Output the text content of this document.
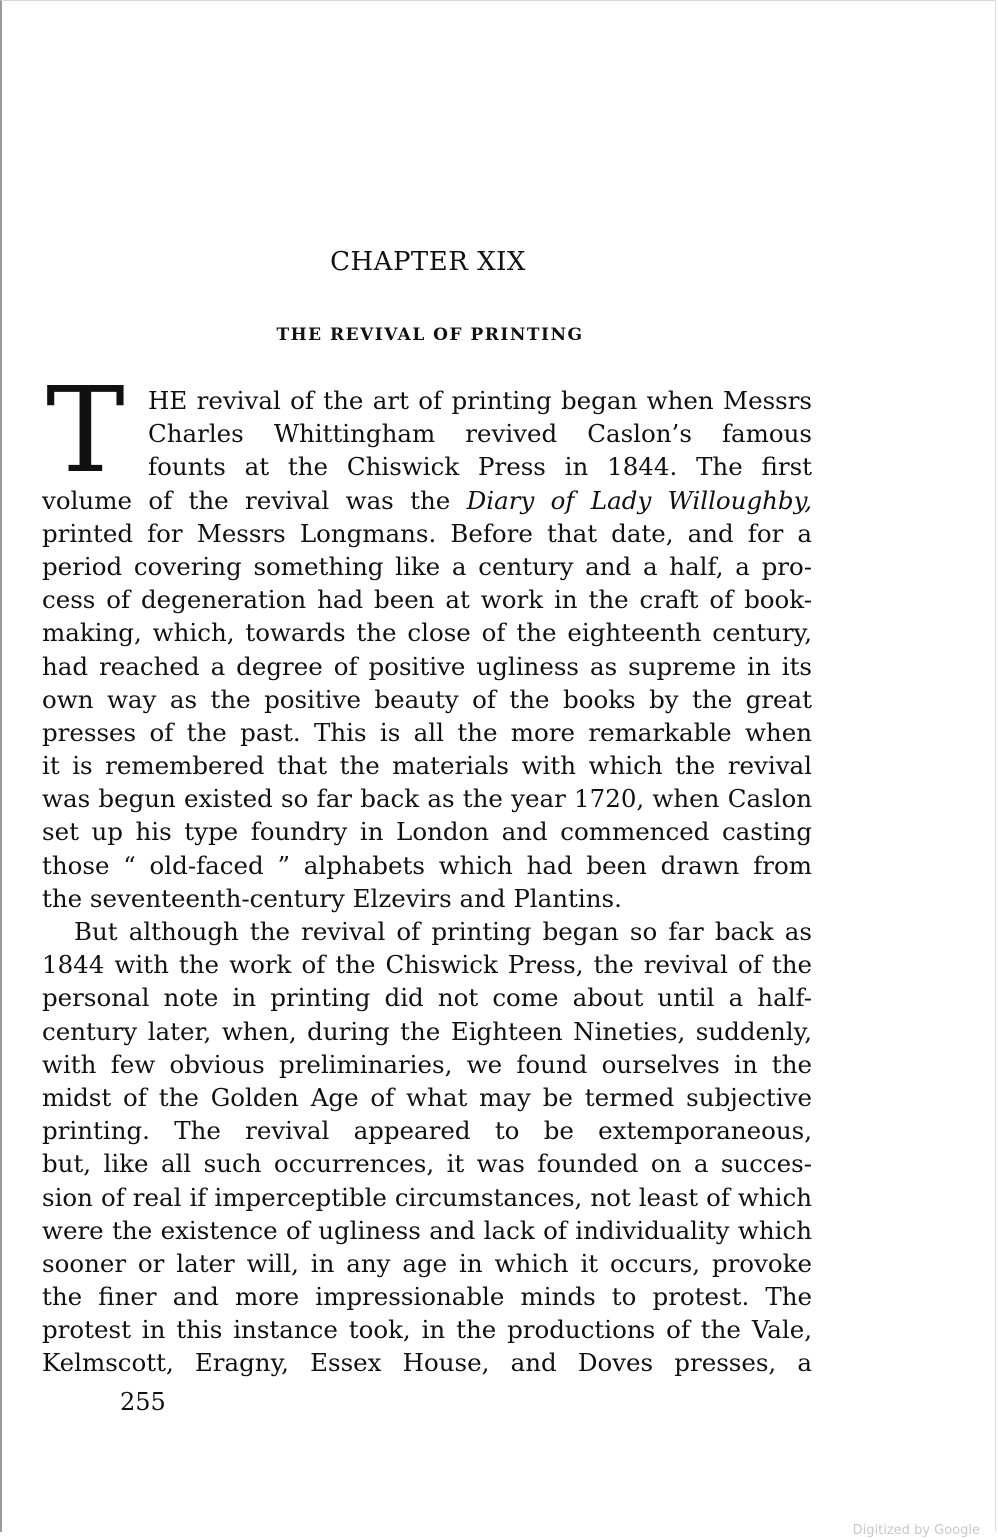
CHAPTER XIX
THE REVIVAL OF PRINTING
T HE revival of the art of printing began when Messrs
Charles Whittingham revived Caslon’s famous
founts at the Chiswick Press in 1844. The first
volume of the revival was the Diary of Lady Willoughby,
printed for Messrs Longmans. Before that date, and for a
period covering something like a century and a half, a pro-
cess of degeneration had been at work in the craft of book-
making, which, towards the close of the eighteenth century,
had reached a degree of positive ugliness as supreme in its
own way as the positive beauty of the books by the great
presses of the past. This is all the more remarkable when
it is remembered that the materials with which the revival
was begun existed so far back as the year 1720, when Caslon
set up his type foundry in London and commenced casting
those “ old-faced ” alphabets which had been drawn from
the seventeenth-century Elzevirs and Plantins.
But although the revival of printing began so far back as
1844 with the work of the Chiswick Press, the revival of the
personal note in printing did not come about until a half-
century later, when, during the Eighteen Nineties, suddenly,
with few obvious preliminaries, we found ourselves in the
midst of the Golden Age of what may be termed subjective
printing. The revival appeared to be extemporaneous,
but, like all such occurrences, it was founded on a succes-
sion of real if imperceptible circumstances, not least of which
were the existence of ugliness and lack of individuality which
sooner or later will, in any age in which it occurs, provoke
the finer and more impressionable minds to protest. The
protest in this instance took, in the productions of the Vale,
Kelmscott, Eragny, Essex House, and Doves presses, a
255
Digitized by Google
